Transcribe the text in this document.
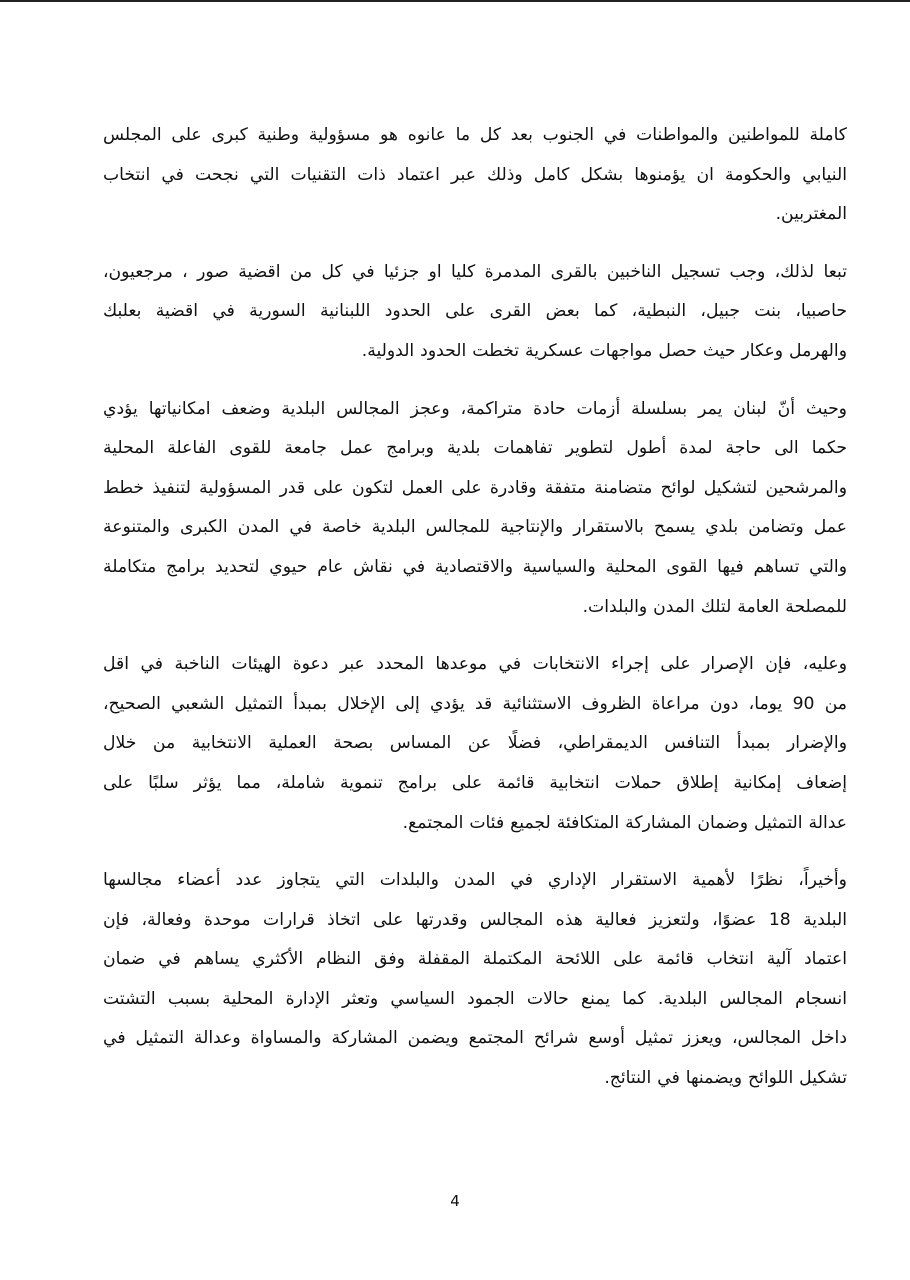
كاملة للمواطنين والمواطنات في الجنوب بعد كل ما عانوه هو مسؤولية وطنية كبرى على المجلس
النيابي والحكومة ان يؤمنوها بشكل كامل وذلك عبر اعتماد ذات التقنيات التي نجحت في انتخاب
المغتربين.

تبعا لذلك، وجب تسجيل الناخبين بالقرى المدمرة كليا او جزئيا في كل من اقضية صور ، مرجعيون،
حاصبيا، بنت جبيل، النبطية، كما بعض القرى على الحدود اللبنانية السورية في اقضية بعلبك
والهرمل وعكار حيث حصل مواجهات عسكرية تخطت الحدود الدولية.

وحيث أنّ لبنان يمر بسلسلة أزمات حادة متراكمة، وعجز المجالس البلدية وضعف امكانياتها يؤدي
حكما الى حاجة لمدة أطول لتطوير تفاهمات بلدية وبرامج عمل جامعة للقوى الفاعلة المحلية
والمرشحين لتشكيل لوائح متضامنة متفقة وقادرة على العمل لتكون على قدر المسؤولية لتنفيذ خطط
عمل وتضامن بلدي يسمح بالاستقرار والإنتاجية للمجالس البلدية خاصة في المدن الكبرى والمتنوعة
والتي تساهم فيها القوى المحلية والسياسية والاقتصادية في نقاش عام حيوي لتحديد برامج متكاملة
للمصلحة العامة لتلك المدن والبلدات.

وعليه، فإن الإصرار على إجراء الانتخابات في موعدها المحدد عبر دعوة الهيئات الناخبة في اقل
من 90 يوما، دون مراعاة الظروف الاستثنائية قد يؤدي إلى الإخلال بمبدأ التمثيل الشعبي الصحيح،
والإضرار بمبدأ التنافس الديمقراطي، فضلًا عن المساس بصحة العملية الانتخابية من خلال
إضعاف إمكانية إطلاق حملات انتخابية قائمة على برامج تنموية شاملة، مما يؤثر سلبًا على
عدالة التمثيل وضمان المشاركة المتكافئة لجميع فئات المجتمع.

وأخيراً، نظرًا لأهمية الاستقرار الإداري في المدن والبلدات التي يتجاوز عدد أعضاء مجالسها
البلدية 18 عضوًا، ولتعزيز فعالية هذه المجالس وقدرتها على اتخاذ قرارات موحدة وفعالة، فإن
اعتماد آلية انتخاب قائمة على اللائحة المكتملة المقفلة وفق النظام الأكثري يساهم في ضمان
انسجام المجالس البلدية. كما يمنع حالات الجمود السياسي وتعثر الإدارة المحلية بسبب التشتت
داخل المجالس، ويعزز تمثيل أوسع شرائح المجتمع ويضمن المشاركة والمساواة وعدالة التمثيل في
تشكيل اللوائح ويضمنها في النتائج.

4
